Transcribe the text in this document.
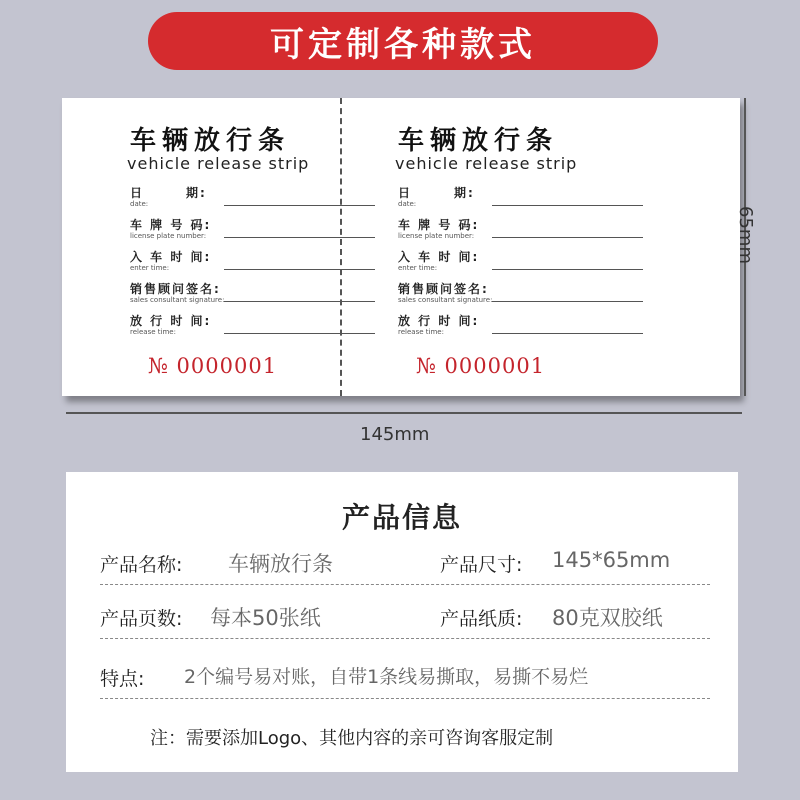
可定制各种款式
车辆放行条
vehicle release strip
日　　　期:
date:
车 牌 号 码:
license plate number:
入 车 时 间:
enter time:
销售顾问签名:
sales consultant signature:
放 行 时 间:
release time:
№ 0000001
车辆放行条
vehicle release strip
日　　　期:
date:
车 牌 号 码:
license plate number:
入 车 时 间:
enter time:
销售顾问签名:
sales consultant signature:
放 行 时 间:
release time:
№ 0000001
65mm
145mm
产品信息
产品名称: 车辆放行条	产品尺寸: 145*65mm
产品页数: 每本50张纸	产品纸质: 80克双胶纸
特点: 2个编号易对账，自带1条线易撕取，易撕不易烂
注：需要添加Logo、其他内容的亲可咨询客服定制
